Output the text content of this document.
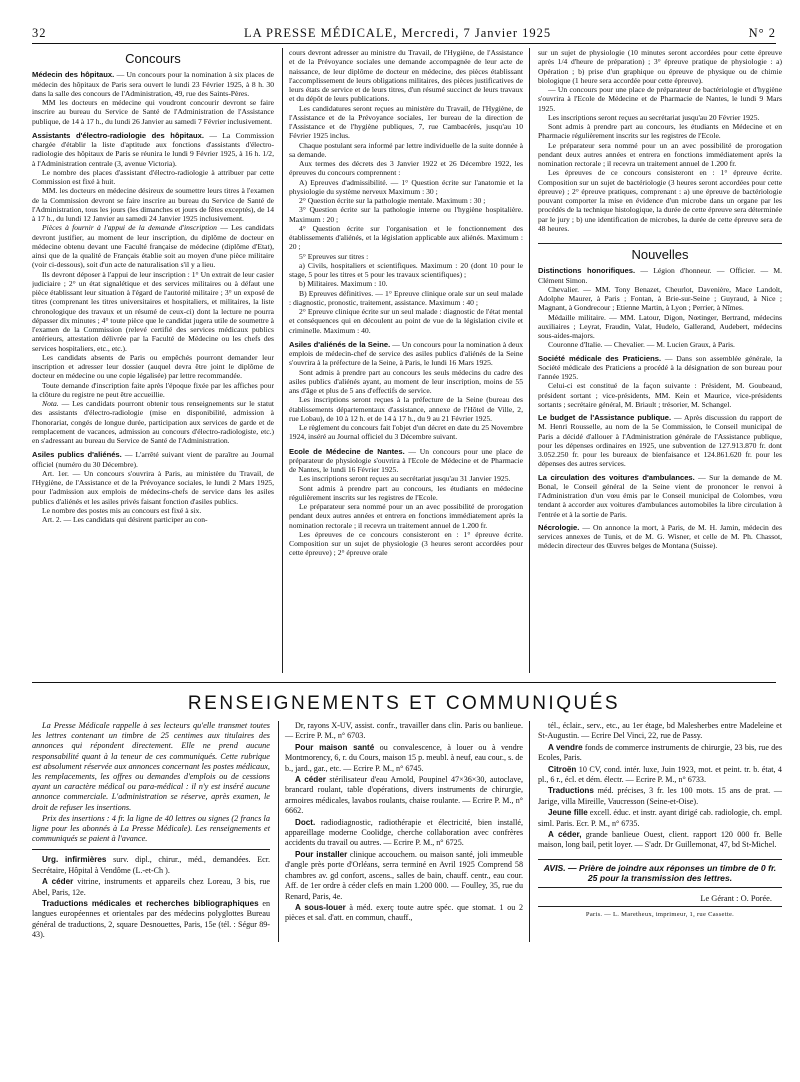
32	LA PRESSE MÉDICALE, Mercredi, 7 Janvier 1925	N° 2
Concours

Médecin des hôpitaux. — Un concours pour la nomination à six places de médecin des hôpitaux de Paris sera ouvert le lundi 23 Février 1925, à 8 h. 30 dans la salle des concours de l'Administration, 49, rue des Saints-Pères.

MM les docteurs en médecine qui voudront concourir devront se faire inscrire au bureau du Service de Santé de l'Administration de l'Assistance publique, de 14 à 17 h., du lundi 26 Janvier au samedi 7 Février inclusivement.

Assistants d'électro-radiologie des hôpitaux. — La Commission chargée d'établir la liste d'aptitude aux fonctions d'assistants d'électro-radiologie des hôpitaux de Paris se réunira le lundi 9 Février 1925, à 16 h. 1/2, à l'Administration centrale (3, avenue Victoria).

Le nombre des places d'assistant d'électro-radiologie à attribuer par cette Commission est fixé à huit.

MM. les docteurs en médecine désireux de soumettre leurs titres à l'examen de la Commission devront se faire inscrire au bureau du Service de Santé de l'Administration, tous les jours (les dimanches et jours de fêtes exceptés), de 14 à 17 h., du lundi 12 Janvier au samedi 24 Janvier 1925 inclusivement.

Pièces à fournir à l'appui de la demande d'inscription — Les candidats devront justifier, au moment de leur inscription, du diplôme de docteur en médecine obtenu devant une Faculté française de médecine (diplôme d'Etat), ainsi que de la qualité de Français établie soit au moyen d'une pièce militaire (voir ci-dessous), soit d'un acte de naturalisation s'il y a lieu.

Ils devront déposer à l'appui de leur inscription : 1° Un extrait de leur casier judiciaire ; 2° un état signalétique et des services militaires ou à défaut une pièce établissant leur situation à l'égard de l'autorité militaire ; 3° un exposé de titres (comprenant les titres universitaires et hospitaliers, et militaires, la liste chronologique des travaux et un résumé de ceux-ci) dont la lecture ne pourra dépasser dix minutes ; 4° toute pièce que le candidat jugera utile de soumettre à l'examen de la Commission (relevé certifié des services médicaux publics antérieurs, attestation délivrée par la Faculté de Médecine ou les chefs des services hospitaliers, etc., etc.).

Les candidats absents de Paris ou empêchés pourront demander leur inscription et adresser leur dossier (auquel devra être joint le diplôme de docteur en médecine ou une copie légalisée) par lettre recommandée.

Toute demande d'inscription faite après l'époque fixée par les affiches pour la clôture du registre ne peut être accueillie.

Nota. — Les candidats pourront obtenir tous renseignements sur le statut des assistants d'électro-radiologie (mise en disponibilité, admission à l'honorariat, congés de longue durée, participation aux services de garde et de remplacement de vacances, admission au concours d'électro-radiologiste, etc.) en s'adressant au bureau du Service de Santé de l'Administration.

Asiles publics d'aliénés. — L'arrêté suivant vient de paraître au Journal officiel (numéro du 30 Décembre).

Art. 1er. — Un concours s'ouvrira à Paris, au ministère du Travail, de l'Hygiène, de l'Assistance et de la Prévoyance sociales, le lundi 2 Mars 1925, pour l'admission aux emplois de médecins-chefs de service dans les asiles publics d'aliénés et les asiles privés faisant fonction d'asiles publics.

Le nombre des postes mis au concours est fixé à six.

Art. 2. — Les candidats qui désirent participer au con-

cours devront adresser au ministre du Travail, de l'Hygiène, de l'Assistance et de la Prévoyance sociales une demande accompagnée de leur acte de naissance, de leur diplôme de docteur en médecine, des pièces établissant l'accomplissement de leurs obligations militaires, des pièces justificatives de leurs états de service et de leurs titres, d'un résumé succinct de leurs travaux et du dépôt de leurs publications.

Les candidatures seront reçues au ministère du Travail, de l'Hygiène, de l'Assistance et de la Prévoyance sociales, 1er bureau de la direction de l'Assistance et de l'hygiène publiques, 7, rue Cambacérès, jusqu'au 10 Février 1925 inclus.

Chaque postulant sera informé par lettre individuelle de la suite donnée à sa demande.

Aux termes des décrets des 3 Janvier 1922 et 26 Décembre 1922, les épreuves du concours comprennent :

A) Epreuves d'admissibilité. — 1° Question écrite sur l'anatomie et la physiologie du système nerveux Maximum : 30 ;

2° Question écrite sur la pathologie mentale. Maximum : 30 ;

3° Question écrite sur la pathologie interne ou l'hygiène hospitalière. Maximum : 20 ;

4° Question écrite sur l'organisation et le fonctionnement des établissements d'aliénés, et la législation applicable aux aliénés. Maximum : 20 ;

5° Epreuves sur titres :

a) Civils, hospitaliers et scientifiques. Maximum : 20 (dont 10 pour le stage, 5 pour les titres et 5 pour les travaux scientifiques) ;

b) Militaires. Maximum : 10.

B) Epreuves définitives. — 1° Epreuve clinique orale sur un seul malade : diagnostic, pronostic, traitement, assistance. Maximum : 40 ;

2° Epreuve clinique écrite sur un seul malade : diagnostic de l'état mental et conséquences qui en découlent au point de vue de la législation civile et criminelle. Maximum : 40.

Asiles d'aliénés de la Seine. — Un concours pour la nomination à deux emplois de médecin-chef de service des asiles publics d'aliénés de la Seine s'ouvrira à la préfecture de la Seine, à Paris, le lundi 16 Mars 1925.

Sont admis à prendre part au concours les seuls médecins du cadre des asiles publics d'aliénés ayant, au moment de leur inscription, moins de 55 ans d'âge et plus de 5 ans d'effectifs de service.

Les inscriptions seront reçues à la préfecture de la Seine (bureau des établissements départementaux d'assistance, annexe de l'Hôtel de Ville, 2, rue Lobau), de 10 à 12 h. et de 14 à 17 h., du 9 au 21 Février 1925.

Le règlement du concours fait l'objet d'un décret en date du 25 Novembre 1924, inséré au Journal officiel du 3 Décembre suivant.

Ecole de Médecine de Nantes. — Un concours pour une place de préparateur de physiologie s'ouvrira à l'Ecole de Médecine et de Pharmacie de Nantes, le lundi 16 Février 1925.

Les inscriptions seront reçues au secrétariat jusqu'au 31 Janvier 1925.

Sont admis à prendre part au concours, les étudiants en médecine régulièrement inscrits sur les registres de l'Ecole.

Le préparateur sera nommé pour un an avec possibilité de prorogation pendant deux autres années et entrera en fonctions immédiatement après la nomination rectorale ; il recevra un traitement annuel de 1.200 fr.

Les épreuves de ce concours consisteront en : 1° épreuve écrite. Composition sur un sujet de physiologie (3 heures seront accordées pour cette épreuve) ; 2° épreuve orale

sur un sujet de physiologie (10 minutes seront accordées pour cette épreuve après 1/4 d'heure de préparation) ; 3° épreuve pratique de physiologie : a) Opération ; b) prise d'un graphique ou épreuve de physique ou de chimie biologique (1 heure sera accordée pour cette épreuve).

— Un concours pour une place de préparateur de bactériologie et d'hygiène s'ouvrira à l'Ecole de Médecine et de Pharmacie de Nantes, le lundi 9 Mars 1925.

Les inscriptions seront reçues au secrétariat jusqu'au 20 Février 1925.

Sont admis à prendre part au concours, les étudiants en Médecine et en Pharmacie régulièrement inscrits sur les registres de l'Ecole.

Le préparateur sera nommé pour un an avec possibilité de prorogation pendant deux autres années et entrera en fonctions immédiatement après la nomination rectorale ; il recevra un traitement annuel de 1.200 fr.

Les épreuves de ce concours consisteront en : 1° épreuve écrite. Composition sur un sujet de bactériologie (3 heures seront accordées pour cette épreuve) ; 2° épreuve pratiques, comprenant : a) une épreuve de bactériologie pouvant comporter la mise en évidence d'un microbe dans un organe par les procédés de la technique histologique, la durée de cette épreuve sera déterminée par le jury ; b) une identification de microbes, la durée de cette épreuve sera de 48 heures.

Nouvelles

Distinctions honorifiques. — Légion d'honneur. — Officier. — M. Clément Simon.

Chevalier. — MM. Tony Benazet, Cheurlot, Davenière, Mace Landolt, Adolphe Maurer, à Paris ; Fontan, à Brie-sur-Seine ; Guyraud, à Nice ; Magnant, à Gondrecour ; Etienne Martin, à Lyon ; Perrier, à Nîmes.

Médaille militaire. — MM. Latour, Digon, Nœtinger, Bertrand, médecins auxiliaires ; Leyrat, Fraudin, Valat, Hudelo, Gallerand, Audebert, médecins sous-aides-majors.

Couronne d'Italie. — Chevalier. — M. Lucien Graux, à Paris.

Société médicale des Praticiens. — Dans son assemblée générale, la Société médicale des Praticiens a procédé à la désignation de son bureau pour l'année 1925.

Celui-ci est constitué de la façon suivante : Président, M. Goubeaud, président sortant ; vice-présidents, MM. Kein et Maurice, vice-présidents sortants ; secrétaire général, M. Briault ; trésorier, M. Schangel.

Le budget de l'Assistance publique. — Après discussion du rapport de M. Henri Rousselle, au nom de la 5e Commission, le Conseil municipal de Paris a décidé d'allouer à l'Administration générale de l'Assistance publique, pour les dépenses ordinaires en 1925, une subvention de 127.913.870 fr. dont 3.052.250 fr. pour les bureaux de bienfaisance et 124.861.620 fr. pour les dépenses des autres services.

La circulation des voitures d'ambulances. — Sur la demande de M. Bonal, le Conseil général de la Seine vient de prononcer le renvoi à l'Administration d'un vœu émis par le Conseil municipal de Colombes, vœu tendant à accorder aux voitures d'ambulances automobiles la libre circulation à l'entrée et à la sortie de Paris.

Nécrologie. — On annonce la mort, à Paris, de M. H. Jamin, médecin des services annexes de Tunis, et de M. G. Wisner, et celle de M. Ph. Chassot, médecin directeur des Œuvres belges de Montana (Suisse).

RENSEIGNEMENTS ET COMMUNIQUÉS

La Presse Médicale rappelle à ses lecteurs qu'elle transmet toutes les lettres contenant un timbre de 25 centimes aux titulaires des annonces qui répondent directement. Elle ne prend aucune responsabilité quant à la teneur de ces communiqués. Cette rubrique est absolument réservée aux annonces concernant les postes médicaux, les remplacements, les offres ou demandes d'emplois ou de cessions ayant un caractère médical ou para-médical : il n'y est inséré aucune annonce commerciale. L'administration se réserve, après examen, le droit de refuser les insertions.

Prix des insertions : 4 fr. la ligne de 40 lettres ou signes (2 francs la ligne pour les abonnés à La Presse Médicale). Les renseignements et communiqués se paient à l'avance.

Urg. infirmières surv. dipl., chirur., méd., demandées. Ecr. Secrétaire, Hôpital à Vendôme (L.-et-Ch ).

A céder vitrine, instruments et appareils chez Loreau, 3 bis, rue Abel, Paris, 12e.

Traductions médicales et recherches bibliographiques en langues européennes et orientales par des médecins polyglottes Bureau général de traductions, 2, square Desnouettes, Paris, 15e (tél. : Ségur 89-43).

Dr, rayons X-UV, assist. confr., travailler dans clin. Paris ou banlieue. — Ecrire P. M., n° 6703.

Pour maison santé ou convalescence, à louer ou à vendre Montmorency, 6, r. du Cours, maison 15 p. meubl. à neuf, eau cour., s. de b., jard., gar., etc. — Ecrire P. M., n° 6745.

A céder stérilisateur d'eau Arnold, Poupinel 47×36×30, autoclave, brancard roulant, table d'opérations, divers instruments de chirurgie, armoires médicales, lavabos roulants, chaise roulante. — Ecrire P. M., n° 6662.

Doct. radiodiagnostic, radiothérapie et électricité, bien installé, appareillage moderne Coolidge, cherche collaboration avec confrères accidents du travail ou autres. — Ecrire P. M., n° 6725.

Pour installer clinique accouchem. ou maison santé, joli immeuble d'angle près porte d'Orléans, serra terminé en Avril 1925 Comprend 58 chambres av. gd confort, ascens., salles de bain, chauff. centr., eau cour. Aff. de 1er ordre à céder clefs en main 1.200 000. — Foulley, 35, rue du Renard, Paris, 4e.

A sous-louer à méd. exerç toute autre spéc. que stomat. 1 ou 2 pièces et sal. d'att. en commun, chauff.,

tél., éclair., serv., etc., au 1er étage, bd Malesherbes entre Madeleine et St-Augustin. — Ecrire Del Vinci, 22, rue de Passy.

A vendre fonds de commerce instruments de chirurgie, 23 bis, rue des Ecoles, Paris.

Citroën 10 CV, cond. intér. luxe, Juin 1923, mot. et peint. tr. b. état, 4 pl., 6 r., écl. et dém. électr. — Ecrire P. M., n° 6733.

Traductions méd. précises, 3 fr. les 100 mots. 15 ans de prat. — Jarige, villa Mireille, Vaucresson (Seine-et-Oise).

Jeune fille excell. éduc. et instr. ayant dirigé cab. radiologie, ch. empl. siml. Paris. Ecr. P. M., n° 6735.

A céder, grande banlieue Ouest, client. rapport 120 000 fr. Belle maison, long bail, petit loyer. — S'adr. Dr Guillemonat, 47, bd St-Michel.

AVIS. — Prière de joindre aux réponses un timbre de 0 fr. 25 pour la transmission des lettres.
Le Gérant : O. Porée.
Paris. — L. Maretheux, imprimeur, 1, rue Cassette.
